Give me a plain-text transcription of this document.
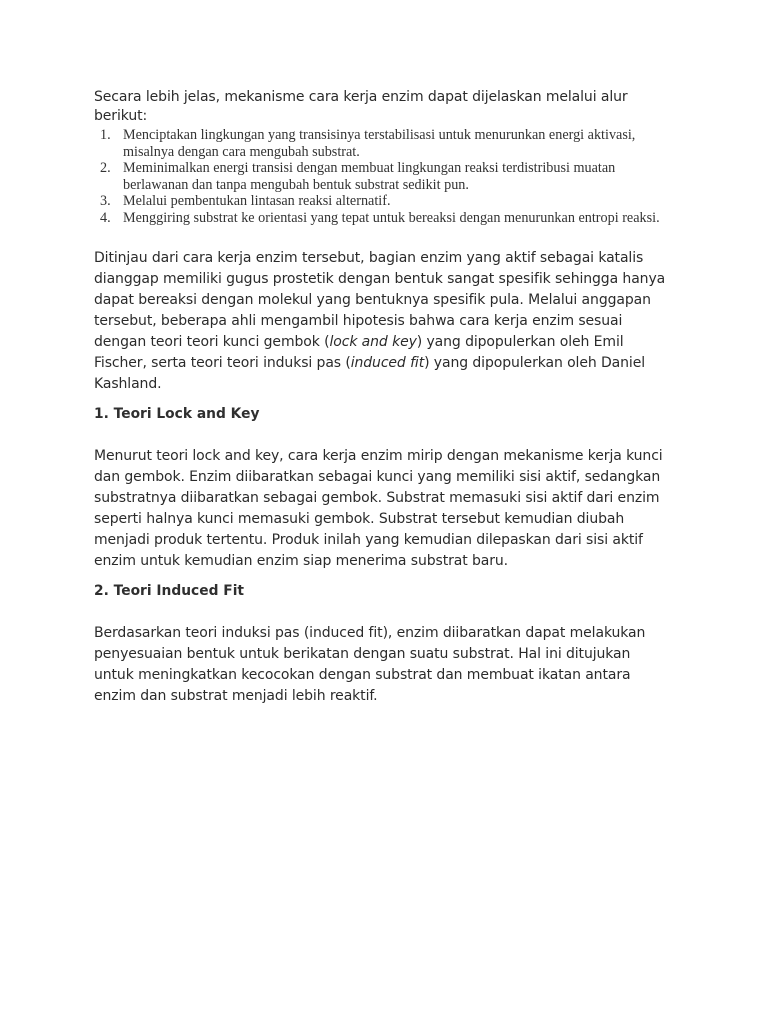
Secara lebih jelas, mekanisme cara kerja enzim dapat dijelaskan melalui alur berikut:

1. Menciptakan lingkungan yang transisinya terstabilisasi untuk menurunkan energi aktivasi, misalnya dengan cara mengubah substrat.
2. Meminimalkan energi transisi dengan membuat lingkungan reaksi terdistribusi muatan berlawanan dan tanpa mengubah bentuk substrat sedikit pun.
3. Melalui pembentukan lintasan reaksi alternatif.
4. Menggiring substrat ke orientasi yang tepat untuk bereaksi dengan menurunkan entropi reaksi.

Ditinjau dari cara kerja enzim tersebut, bagian enzim yang aktif sebagai katalis dianggap memiliki gugus prostetik dengan bentuk sangat spesifik sehingga hanya dapat bereaksi dengan molekul yang bentuknya spesifik pula. Melalui anggapan tersebut, beberapa ahli mengambil hipotesis bahwa cara kerja enzim sesuai dengan teori teori kunci gembok (lock and key) yang dipopulerkan oleh Emil Fischer, serta teori teori induksi pas (induced fit) yang dipopulerkan oleh Daniel Kashland.

1. Teori Lock and Key

Menurut teori lock and key, cara kerja enzim mirip dengan mekanisme kerja kunci dan gembok. Enzim diibaratkan sebagai kunci yang memiliki sisi aktif, sedangkan substratnya diibaratkan sebagai gembok. Substrat memasuki sisi aktif dari enzim seperti halnya kunci memasuki gembok. Substrat tersebut kemudian diubah menjadi produk tertentu. Produk inilah yang kemudian dilepaskan dari sisi aktif enzim untuk kemudian enzim siap menerima substrat baru.

2. Teori Induced Fit

Berdasarkan teori induksi pas (induced fit), enzim diibaratkan dapat melakukan penyesuaian bentuk untuk berikatan dengan suatu substrat. Hal ini ditujukan untuk meningkatkan kecocokan dengan substrat dan membuat ikatan antara enzim dan substrat menjadi lebih reaktif.
